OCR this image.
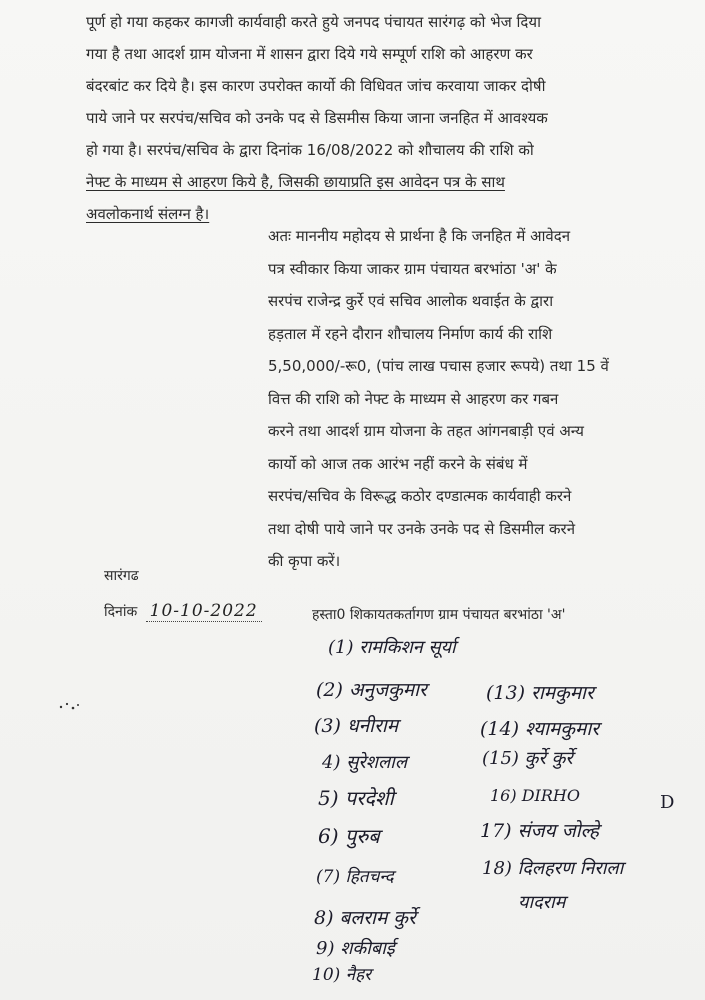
पूर्ण हो गया कहकर कागजी कार्यवाही करते हुये जनपद पंचायत सारंगढ़ को भेज दिया
गया है तथा आदर्श ग्राम योजना में शासन द्वारा दिये गये सम्पूर्ण राशि को आहरण कर
बंदरबांट कर दिये है। इस कारण उपरोक्त कार्यो की विधिवत जांच करवाया जाकर दोषी
पाये जाने पर सरपंच/सचिव को उनके पद से डिसमीस किया जाना जनहित में आवश्यक
हो गया है। सरपंच/सचिव के द्वारा दिनांक 16/08/2022 को शौचालय की राशि को
नेफ्ट के माध्यम से आहरण किये है, जिसकी छायाप्रति इस आवेदन पत्र के साथ
अवलोकनार्थ संलग्न है।
अतः माननीय महोदय से प्रार्थना है कि जनहित में आवेदन
पत्र स्वीकार किया जाकर ग्राम पंचायत बरभांठा 'अ' के
सरपंच राजेन्द्र कुर्रे एवं सचिव आलोक थवाईत के द्वारा
हड़ताल में रहने दौरान शौचालय निर्माण कार्य की राशि
5,50,000/-रू0, (पांच लाख पचास हजार रूपये) तथा 15 वें
वित्त की राशि को नेफ्ट के माध्यम से आहरण कर गबन
करने तथा आदर्श ग्राम योजना के तहत आंगनबाड़ी एवं अन्य
कार्यो को आज तक आरंभ नहीं करने के संबंध में
सरपंच/सचिव के विरूद्ध कठोर दण्डात्मक कार्यवाही करने
तथा दोषी पाये जाने पर उनके उनके पद से डिसमील करने
की कृपा करें।
सारंगढ
दिनांक 10-10-2022	हस्ता0 शिकायतकर्तागण ग्राम पंचायत बरभांठा 'अ'
(1) रामकिशन सूर्या
(2) अनुजकुमार
(3) धनीराम
4) सुरेशलाल
5) परदेशी
6) पुरुब
(7) हितचन्द
8) बलराम कुर्रे
9) शकीबाई
10) नैहर
(13) रामकुमार
(14) श्यामकुमार
(15) कुर्रे कुर्रे
16) DIRHO
17) संजय जोल्हे
18) दिलहरण निराला
यादराम
D
